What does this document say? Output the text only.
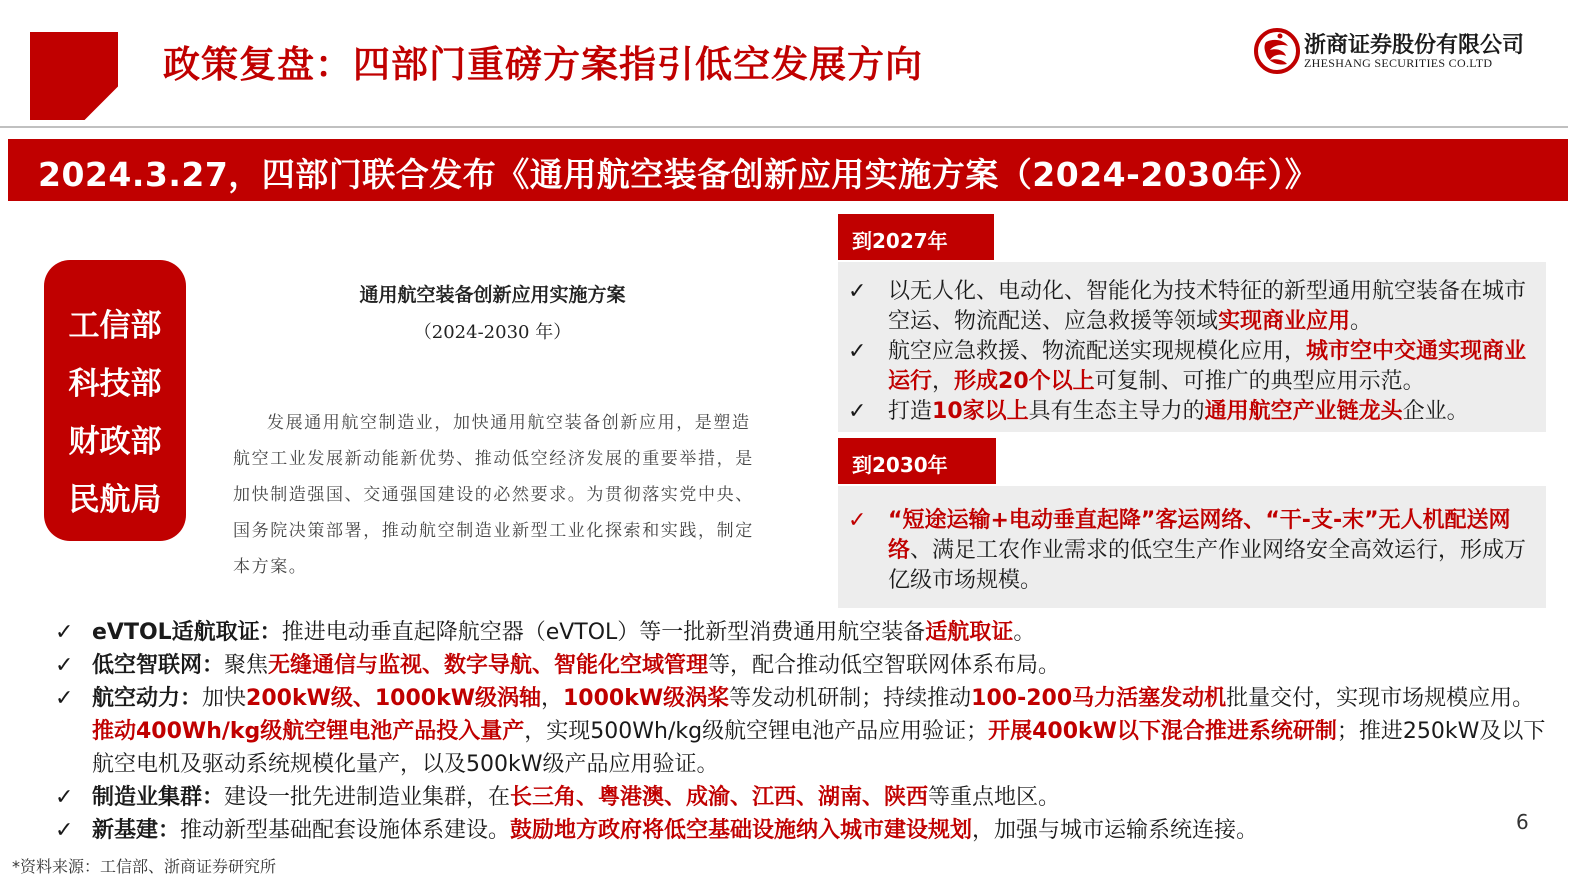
政策复盘：四部门重磅方案指引低空发展方向	浙商证券股份有限公司
ZHESHANG SECURITIES CO.LTD
2024.3.27，四部门联合发布《通用航空装备创新应用实施方案（2024-2030年）》
工信部
科技部
财政部
民航局
通用航空装备创新应用实施方案
（2024-2030 年）
发展通用航空制造业，加快通用航空装备创新应用，是塑造航空工业发展新动能新优势、推动低空经济发展的重要举措，是加快制造强国、交通强国建设的必然要求。为贯彻落实党中央、国务院决策部署，推动航空制造业新型工业化探索和实践，制定本方案。
到2027年
✓ 以无人化、电动化、智能化为技术特征的新型通用航空装备在城市空运、物流配送、应急救援等领域实现商业应用。
✓ 航空应急救援、物流配送实现规模化应用，城市空中交通实现商业运行，形成20个以上可复制、可推广的典型应用示范。
✓ 打造10家以上具有生态主导力的通用航空产业链龙头企业。
到2030年
✓ “短途运输+电动垂直起降”客运网络、“干-支-末”无人机配送网络、满足工农作业需求的低空生产作业网络安全高效运行，形成万亿级市场规模。
✓ eVTOL适航取证：推进电动垂直起降航空器（eVTOL）等一批新型消费通用航空装备适航取证。
✓ 低空智联网：聚焦无缝通信与监视、数字导航、智能化空域管理等，配合推动低空智联网体系布局。
✓ 航空动力：加快200kW级、1000kW级涡轴，1000kW级涡桨等发动机研制；持续推动100-200马力活塞发动机批量交付，实现市场规模应用。推动400Wh/kg级航空锂电池产品投入量产，实现500Wh/kg级航空锂电池产品应用验证；开展400kW以下混合推进系统研制；推进250kW及以下航空电机及驱动系统规模化量产，以及500kW级产品应用验证。
✓ 制造业集群：建设一批先进制造业集群，在长三角、粤港澳、成渝、江西、湖南、陕西等重点地区。
✓ 新基建：推动新型基础配套设施体系建设。鼓励地方政府将低空基础设施纳入城市建设规划，加强与城市运输系统连接。	6
*资料来源：工信部、浙商证券研究所
